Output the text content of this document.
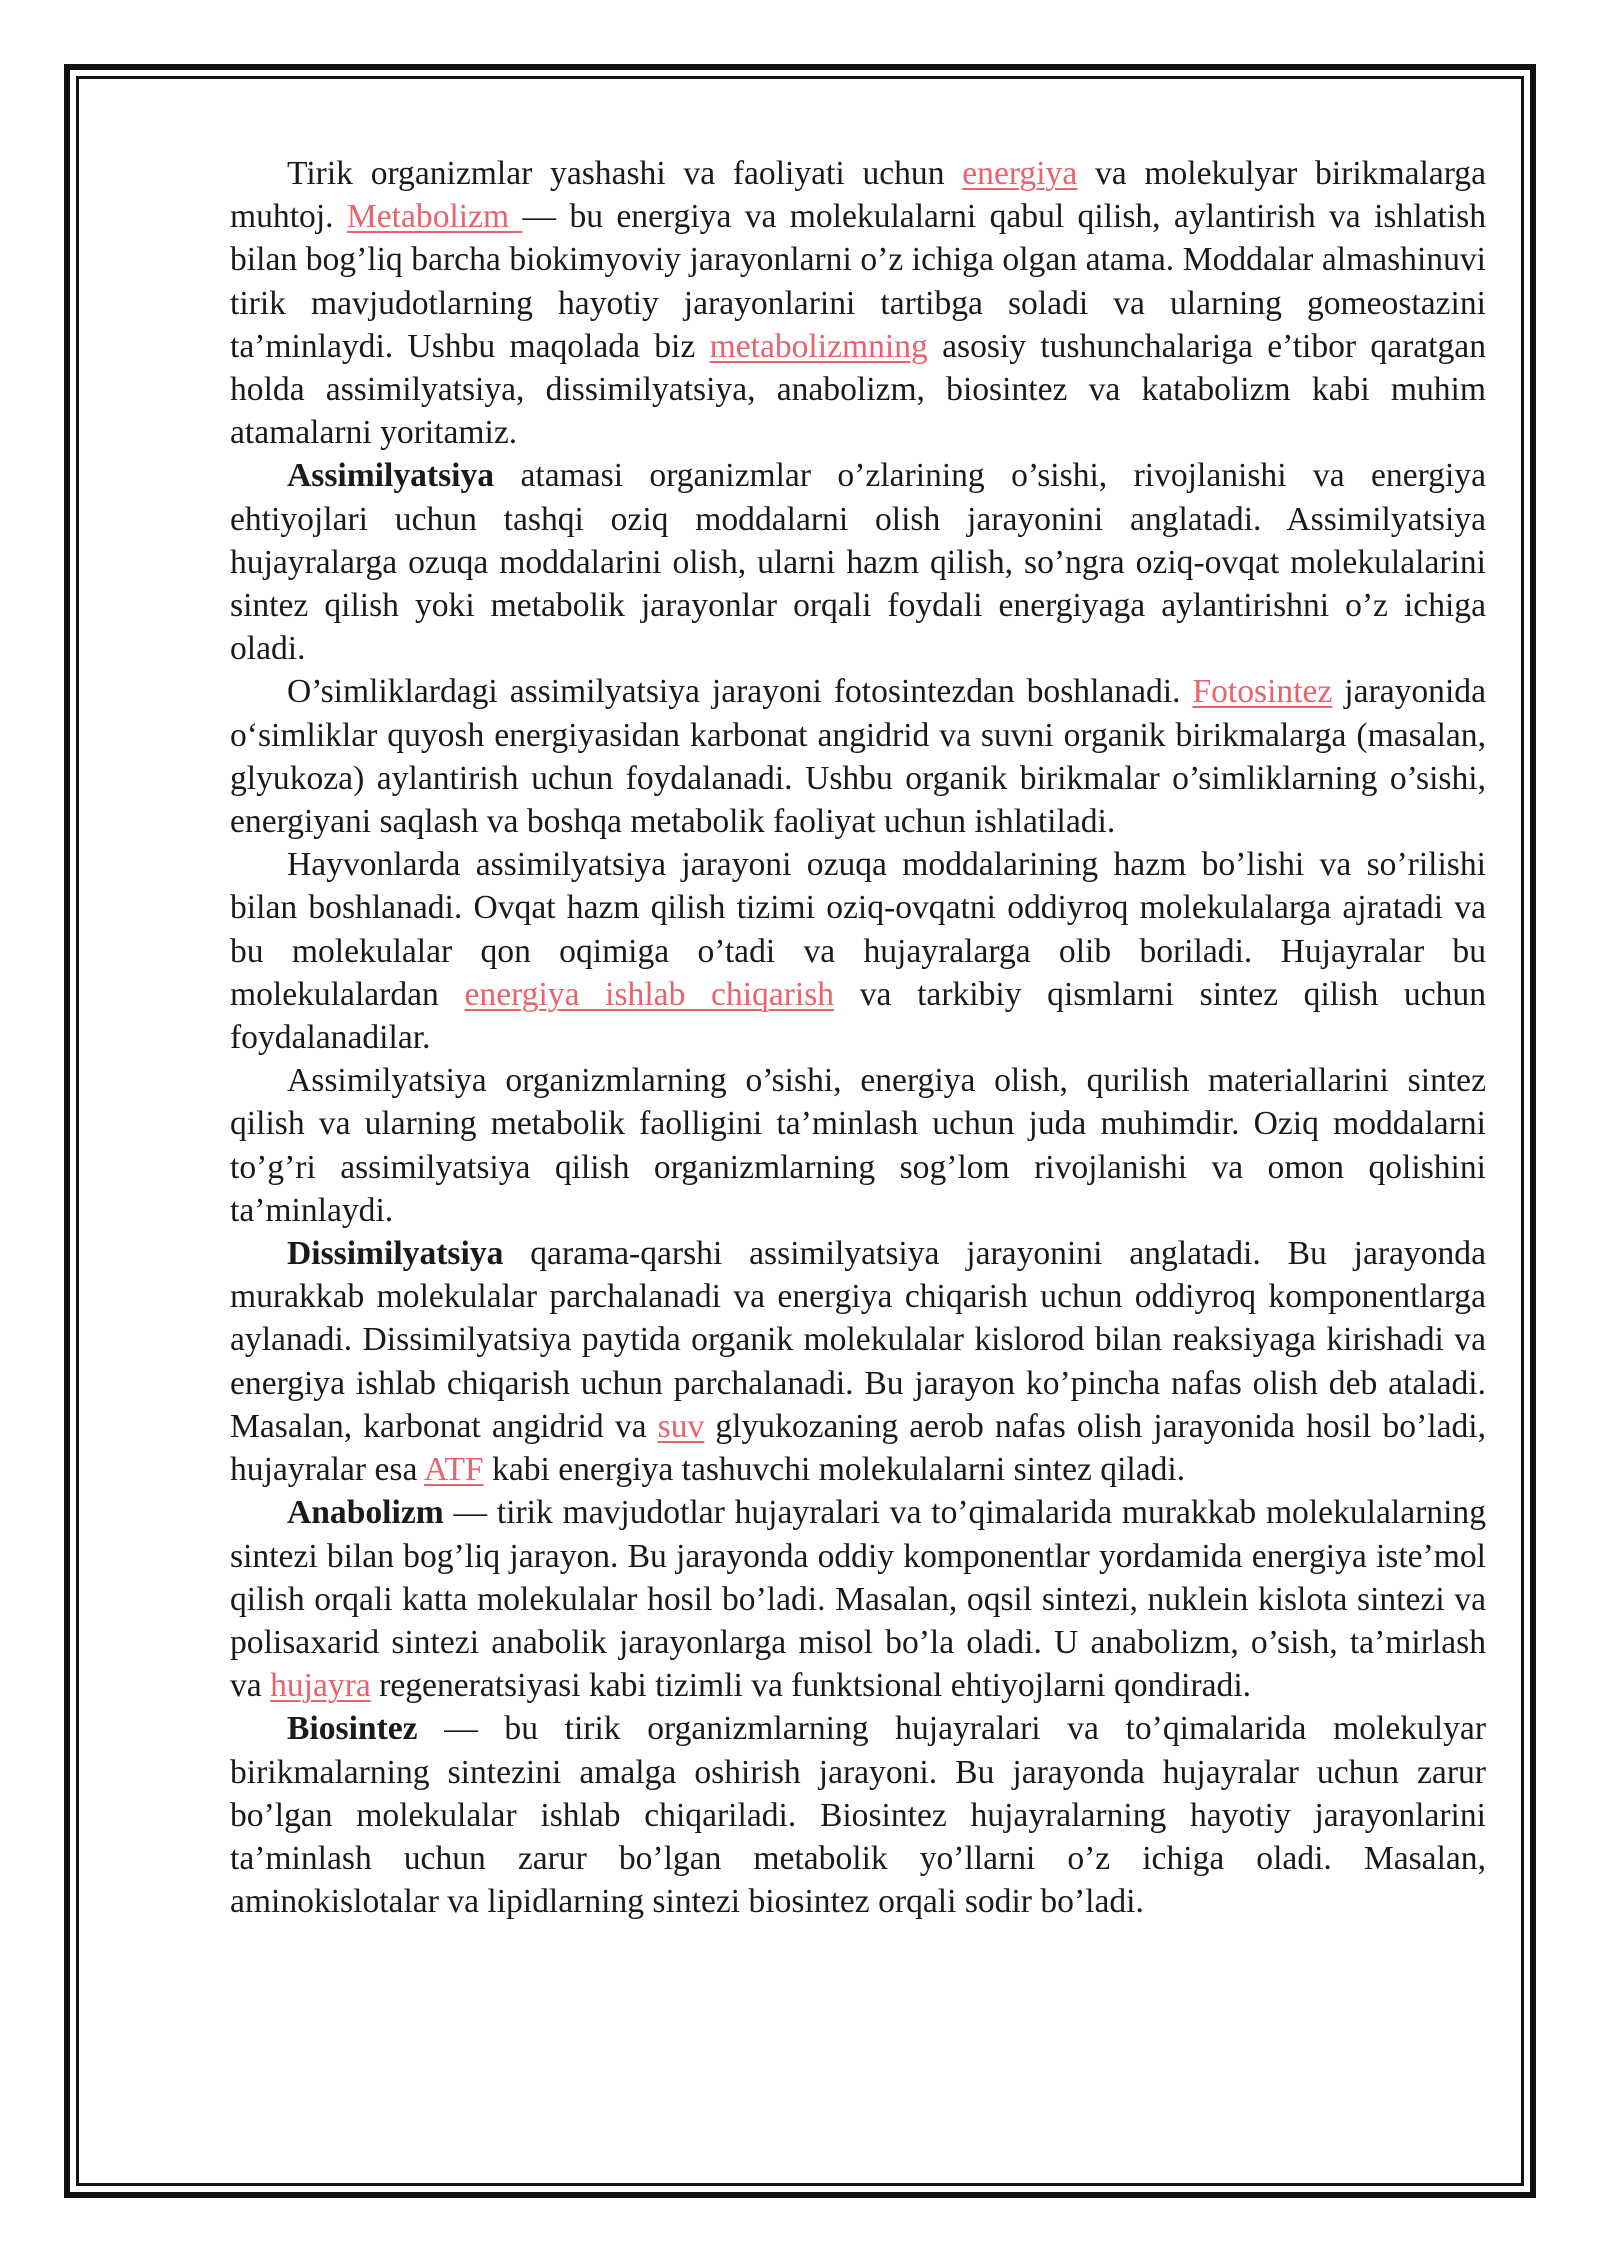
Tirik organizmlar yashashi va faoliyati uchun energiya va molekulyar birikmalarga muhtoj. Metabolizm — bu energiya va molekulalarni qabul qilish, aylantirish va ishlatish bilan bog’liq barcha biokimyoviy jarayonlarni o’z ichiga olgan atama. Moddalar almashinuvi tirik mavjudotlarning hayotiy jarayonlarini tartibga soladi va ularning gomeostazini ta’minlaydi. Ushbu maqolada biz metabolizmning asosiy tushunchalariga e’tibor qaratgan holda assimilyatsiya, dissimilyatsiya, anabolizm, biosintez va katabolizm kabi muhim atamalarni yoritamiz.

Assimilyatsiya atamasi organizmlar o’zlarining o’sishi, rivojlanishi va energiya ehtiyojlari uchun tashqi oziq moddalarni olish jarayonini anglatadi. Assimilyatsiya hujayralarga ozuqa moddalarini olish, ularni hazm qilish, so’ngra oziq-ovqat molekulalarini sintez qilish yoki metabolik jarayonlar orqali foydali energiyaga aylantirishni o’z ichiga oladi.

O’simliklardagi assimilyatsiya jarayoni fotosintezdan boshlanadi. Fotosintez jarayonida o‘simliklar quyosh energiyasidan karbonat angidrid va suvni organik birikmalarga (masalan, glyukoza) aylantirish uchun foydalanadi. Ushbu organik birikmalar o’simliklarning o’sishi, energiyani saqlash va boshqa metabolik faoliyat uchun ishlatiladi.

Hayvonlarda assimilyatsiya jarayoni ozuqa moddalarining hazm bo’lishi va so’rilishi bilan boshlanadi. Ovqat hazm qilish tizimi oziq-ovqatni oddiyroq molekulalarga ajratadi va bu molekulalar qon oqimiga o’tadi va hujayralarga olib boriladi. Hujayralar bu molekulalardan energiya ishlab chiqarish va tarkibiy qismlarni sintez qilish uchun foydalanadilar.

Assimilyatsiya organizmlarning o’sishi, energiya olish, qurilish materiallarini sintez qilish va ularning metabolik faolligini ta’minlash uchun juda muhimdir. Oziq moddalarni to’g’ri assimilyatsiya qilish organizmlarning sog’lom rivojlanishi va omon qolishini ta’minlaydi.

Dissimilyatsiya qarama-qarshi assimilyatsiya jarayonini anglatadi. Bu jarayonda murakkab molekulalar parchalanadi va energiya chiqarish uchun oddiyroq komponentlarga aylanadi. Dissimilyatsiya paytida organik molekulalar kislorod bilan reaksiyaga kirishadi va energiya ishlab chiqarish uchun parchalanadi. Bu jarayon ko’pincha nafas olish deb ataladi. Masalan, karbonat angidrid va suv glyukozaning aerob nafas olish jarayonida hosil bo’ladi, hujayralar esa ATF kabi energiya tashuvchi molekulalarni sintez qiladi.

Anabolizm — tirik mavjudotlar hujayralari va to’qimalarida murakkab molekulalarning sintezi bilan bog’liq jarayon. Bu jarayonda oddiy komponentlar yordamida energiya iste’mol qilish orqali katta molekulalar hosil bo’ladi. Masalan, oqsil sintezi, nuklein kislota sintezi va polisaxarid sintezi anabolik jarayonlarga misol bo’la oladi. U anabolizm, o’sish, ta’mirlash va hujayra regeneratsiyasi kabi tizimli va funktsional ehtiyojlarni qondiradi.

Biosintez — bu tirik organizmlarning hujayralari va to’qimalarida molekulyar birikmalarning sintezini amalga oshirish jarayoni. Bu jarayonda hujayralar uchun zarur bo’lgan molekulalar ishlab chiqariladi. Biosintez hujayralarning hayotiy jarayonlarini ta’minlash uchun zarur bo’lgan metabolik yo’llarni o’z ichiga oladi. Masalan, aminokislotalar va lipidlarning sintezi biosintez orqali sodir bo’ladi.
